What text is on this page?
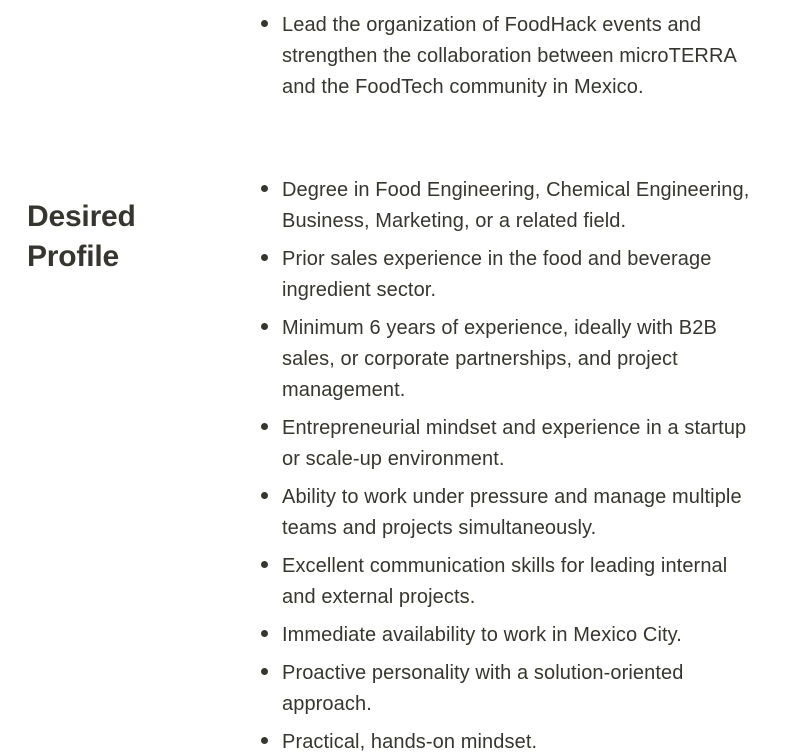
Lead the organization of FoodHack events and strengthen the collaboration between microTERRA and the FoodTech community in Mexico.
Desired Profile
Degree in Food Engineering, Chemical Engineering, Business, Marketing, or a related field.
Prior sales experience in the food and beverage ingredient sector.
Minimum 6 years of experience, ideally with B2B sales, or corporate partnerships, and project management.
Entrepreneurial mindset and experience in a startup or scale-up environment.
Ability to work under pressure and manage multiple teams and projects simultaneously.
Excellent communication skills for leading internal and external projects.
Immediate availability to work in Mexico City.
Proactive personality with a solution-oriented approach.
Practical, hands-on mindset.
